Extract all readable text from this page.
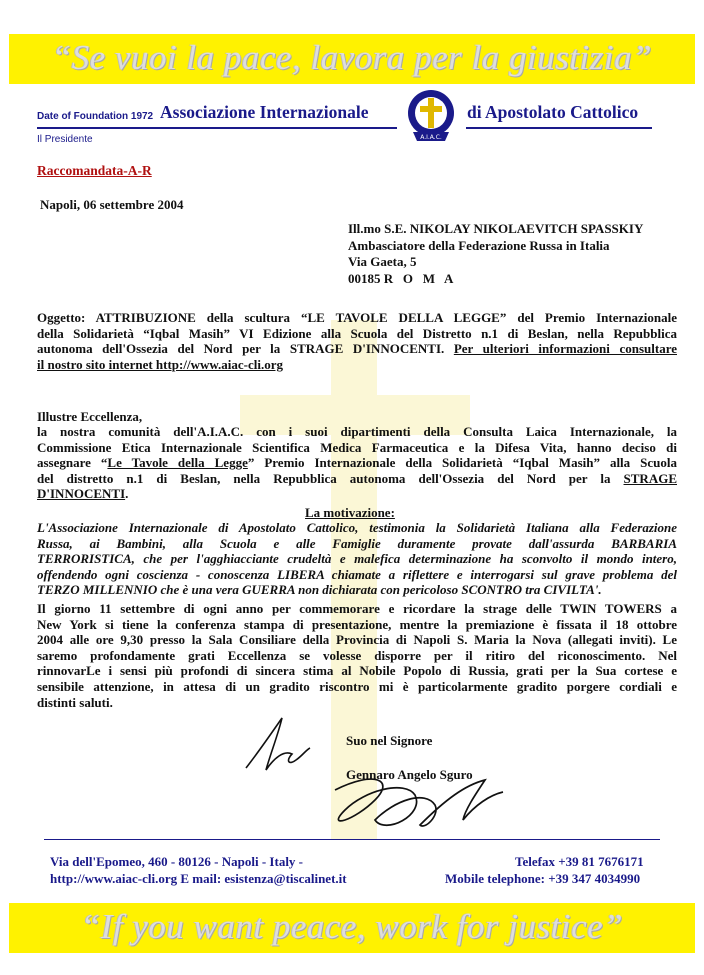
“Se vuoi la pace, lavora per la giustizia”
Date of Foundation 1972 Associazione Internazionale	di Apostolato Cattolico
A.I.A.C.
Il Presidente
Raccomandata-A-R
Napoli, 06 settembre 2004
Ill.mo S.E. NIKOLAY NIKOLAEVITCH SPASSKIY
Ambasciatore della Federazione Russa in Italia
Via Gaeta, 5
00185 R   O   M   A
Oggetto: ATTRIBUZIONE della scultura “LE TAVOLE DELLA LEGGE” del Premio Internazionale
della Solidarietà “Iqbal Masih” VI Edizione alla Scuola del Distretto n.1 di Beslan, nella Repubblica
autonoma dell'Ossezia del Nord per la STRAGE D'INNOCENTI. Per ulteriori informazioni consultare
il nostro sito internet http://www.aiac-cli.org
Illustre Eccellenza,
la nostra comunità dell'A.I.A.C. con i suoi dipartimenti della Consulta Laica Internazionale, la
Commissione Etica Internazionale Scientifica Medica Farmaceutica e la Difesa Vita, hanno deciso di
assegnare “Le Tavole della Legge” Premio Internazionale della Solidarietà “Iqbal Masih” alla Scuola
del distretto n.1 di Beslan, nella Repubblica autonoma dell'Ossezia del Nord per la STRAGE
D'INNOCENTI.
La motivazione:
L'Associazione Internazionale di Apostolato Cattolico, testimonia la Solidarietà Italiana alla Federazione
Russa, ai Bambini, alla Scuola e alle Famiglie duramente provate dall'assurda BARBARIA
TERRORISTICA, che per l'agghiacciante crudeltà e malefica determinazione ha sconvolto il mondo intero,
offendendo ogni coscienza - conoscenza LIBERA chiamate a riflettere e interrogarsi sul grave problema del
TERZO MILLENNIO che è una vera GUERRA non dichiarata con pericoloso SCONTRO tra CIVILTA'.
Il giorno 11 settembre di ogni anno per commemorare e ricordare la strage delle TWIN TOWERS a
New York si tiene la conferenza stampa di presentazione, mentre la premiazione è fissata il 18 ottobre
2004 alle ore 9,30 presso la Sala Consiliare della Provincia di Napoli S. Maria la Nova (allegati inviti). Le
saremo profondamente grati Eccellenza se volesse disporre per il ritiro del riconoscimento. Nel
rinnovarLe i sensi più profondi di sincera stima al Nobile Popolo di Russia, grati per la Sua cortese e
sensibile attenzione, in attesa di un gradito riscontro mi è particolarmente gradito porgere cordiali e
distinti saluti.
Suo nel Signore
Gennaro Angelo Sguro
Via dell'Epomeo, 460 - 80126 - Napoli - Italy -
http://www.aiac-cli.org E mail: esistenza@tiscalinet.it
Telefax +39 81 7676171
Mobile telephone: +39 347 4034990
“If you want peace, work for justice”
